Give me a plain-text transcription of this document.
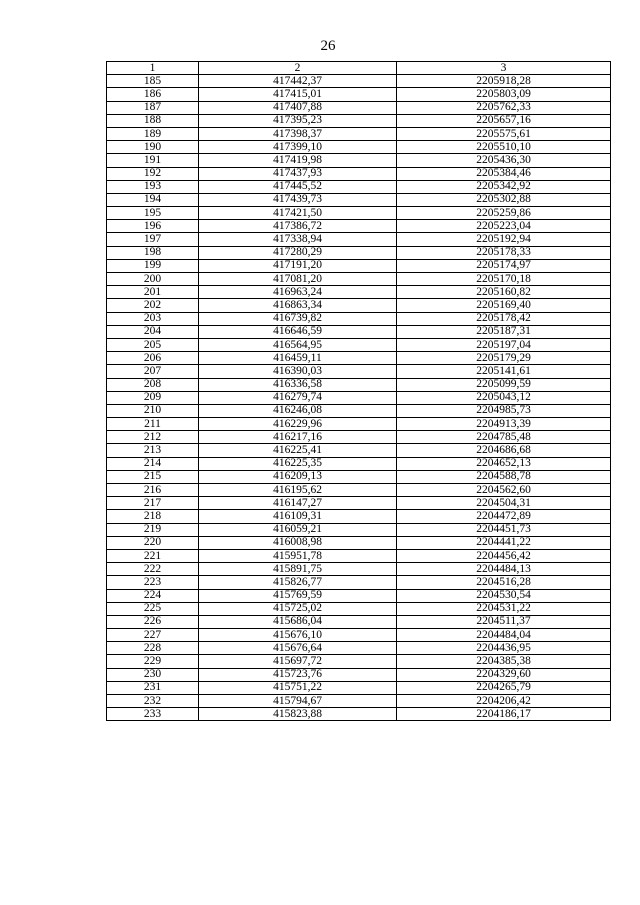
26
1	2	3
185	417442,37	2205918,28
186	417415,01	2205803,09
187	417407,88	2205762,33
188	417395,23	2205657,16
189	417398,37	2205575,61
190	417399,10	2205510,10
191	417419,98	2205436,30
192	417437,93	2205384,46
193	417445,52	2205342,92
194	417439,73	2205302,88
195	417421,50	2205259,86
196	417386,72	2205223,04
197	417338,94	2205192,94
198	417280,29	2205178,33
199	417191,20	2205174,97
200	417081,20	2205170,18
201	416963,24	2205160,82
202	416863,34	2205169,40
203	416739,82	2205178,42
204	416646,59	2205187,31
205	416564,95	2205197,04
206	416459,11	2205179,29
207	416390,03	2205141,61
208	416336,58	2205099,59
209	416279,74	2205043,12
210	416246,08	2204985,73
211	416229,96	2204913,39
212	416217,16	2204785,48
213	416225,41	2204686,68
214	416225,35	2204652,13
215	416209,13	2204588,78
216	416195,62	2204562,60
217	416147,27	2204504,31
218	416109,31	2204472,89
219	416059,21	2204451,73
220	416008,98	2204441,22
221	415951,78	2204456,42
222	415891,75	2204484,13
223	415826,77	2204516,28
224	415769,59	2204530,54
225	415725,02	2204531,22
226	415686,04	2204511,37
227	415676,10	2204484,04
228	415676,64	2204436,95
229	415697,72	2204385,38
230	415723,76	2204329,60
231	415751,22	2204265,79
232	415794,67	2204206,42
233	415823,88	2204186,17
